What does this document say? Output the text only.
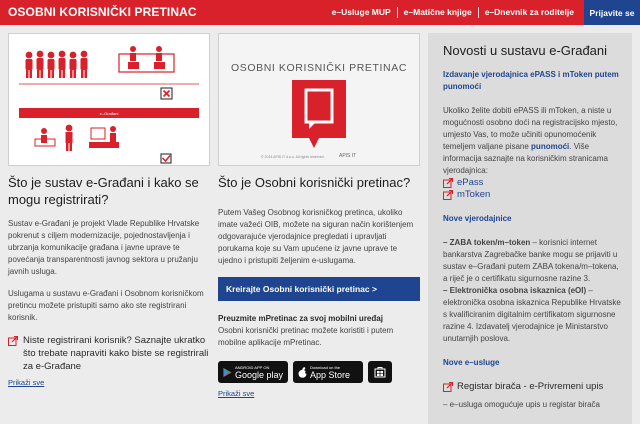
OSOBNI KORISNIČKI PRETINAC	e–Usluge MUP	e–Matične knjige	e–Dnevnik za roditelje	Prijavite se
e–Građani
Što je sustav e-Građani i kako se mogu registrirati?
Sustav e-Građani je projekt Vlade Republike Hrvatske pokrenut s ciljem modernizacije, pojednostavljenja i ubrzanja komunikacije građana i javne uprave te povećanja transparentnosti javnog sektora u pružanju javnih usluga.
Uslugama u sustavu e-Građani i Osobnom korisničkom pretincu možete pristupiti samo ako ste registrirani korisnik.
Niste registrirani korisnik? Saznajte ukratko što trebate napraviti kako biste se registrirali za e-Građane
Prikaži sve
OSOBNI KORISNIČKI PRETINAC
© 2014 APIS IT d.o.o. All rights reserved.	APIS IT
Što je Osobni korisnički pretinac?
Putem Vašeg Osobnog korisničkog pretinca, ukoliko imate važeći OIB, možete na siguran način korištenjem odgovarajuće vjerodajnice pregledati i upravljati porukama koje su Vam upućene iz javne uprave te ujedno i pristupiti željenim e-uslugama.
Kreirajte Osobni korisnički pretinac >
Preuzmite mPretinac za svoj mobilni uređaj
Osobni korisnički pretinac možete koristiti i putem mobilne aplikacije mPretinac.
ANDROID APP ON
Google play
Download on the
App Store
Prikaži sve
Novosti u sustavu e-Građani
Izdavanje vjerodajnica ePASS i mToken putem punomoći
Ukoliko želite dobiti ePASS ili mToken, a niste u mogućnosti osobno doći na registracijsko mjesto, umjesto Vas, to može učiniti opunomoćenik temeljem valjane pisane punomoći. Više informacija saznajte na korisničkim stranicama vjerodajnica:
ePass
mToken
Nove vjerodajnice
– ZABA token/m–token – korisnici internet bankarstva Zagrebačke banke mogu se prijaviti u sustav e–Građani putem ZABA tokena/m–tokena, a riječ je o certifikatu sigurnosne razine 3.
– Elektronička osobna iskaznica (eOI) – elektronička osobna iskaznica Republike Hrvatske s kvalificiranim digitalnim certifikatom sigurnosne razine 4. Izdavatelj vjerodajnice je Ministarstvo unutarnjih poslova.
Nove e–usluge
Registar birača - e-Privremeni upis
– e–usluga omogućuje upis u registar birača
